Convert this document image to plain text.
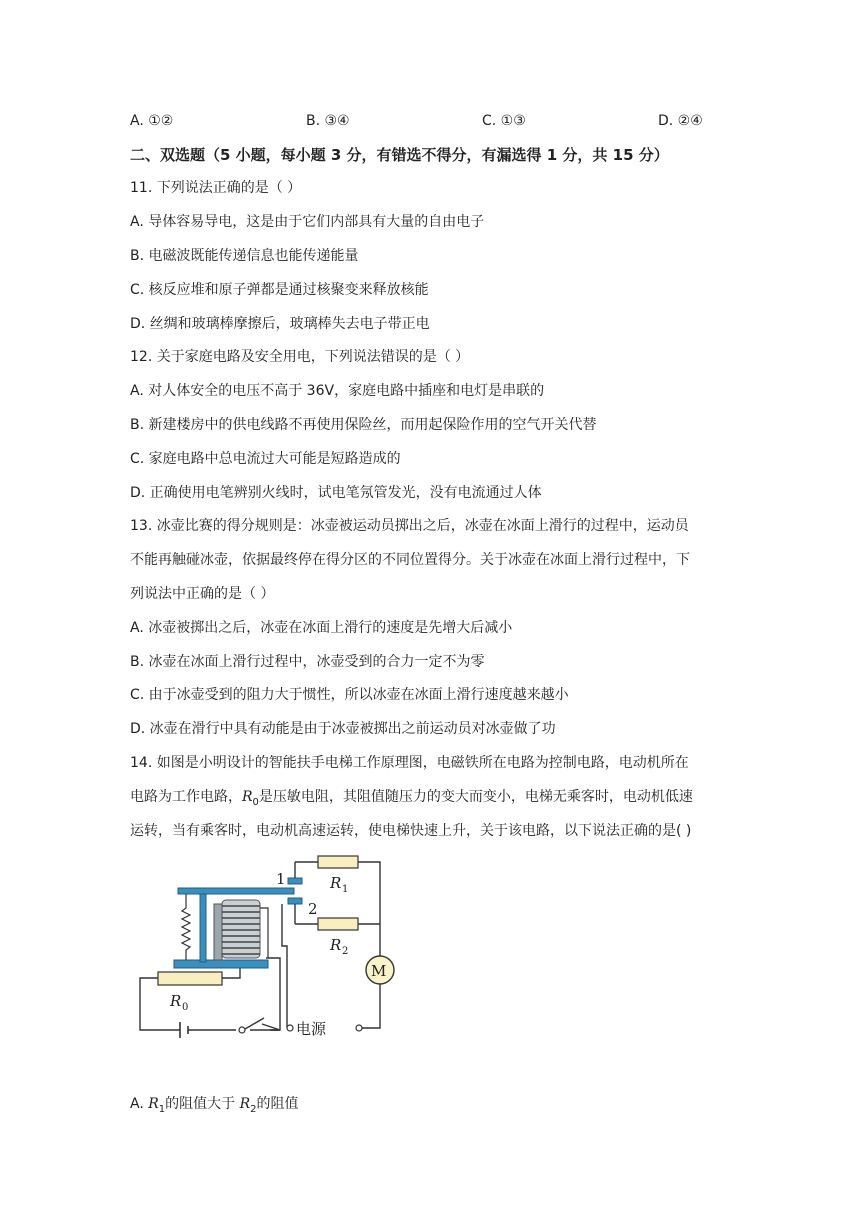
A. ①②	B. ③④	C. ①③	D. ②④
二、双选题（5 小题，每小题 3 分，有错选不得分，有漏选得 1 分，共 15 分）
11. 下列说法正确的是（ ）
A. 导体容易导电，这是由于它们内部具有大量的自由电子
B. 电磁波既能传递信息也能传递能量
C. 核反应堆和原子弹都是通过核聚变来释放核能
D. 丝绸和玻璃棒摩擦后，玻璃棒失去电子带正电
12. 关于家庭电路及安全用电，下列说法错误的是（ ）
A. 对人体安全的电压不高于 36V，家庭电路中插座和电灯是串联的
B. 新建楼房中的供电线路不再使用保险丝，而用起保险作用的空气开关代替
C. 家庭电路中总电流过大可能是短路造成的
D. 正确使用电笔辨别火线时，试电笔氖管发光，没有电流通过人体
13. 冰壶比赛的得分规则是：冰壶被运动员掷出之后，冰壶在冰面上滑行的过程中，运动员
不能再触碰冰壶，依据最终停在得分区的不同位置得分。关于冰壶在冰面上滑行过程中，下
列说法中正确的是（ ）
A. 冰壶被掷出之后，冰壶在冰面上滑行的速度是先增大后减小
B. 冰壶在冰面上滑行过程中，冰壶受到的合力一定不为零
C. 由于冰壶受到的阻力大于惯性，所以冰壶在冰面上滑行速度越来越小
D. 冰壶在滑行中具有动能是由于冰壶被掷出之前运动员对冰壶做了功
14. 如图是小明设计的智能扶手电梯工作原理图，电磁铁所在电路为控制电路，电动机所在
电路为工作电路，$R_0$是压敏电阻，其阻值随压力的变大而变小，电梯无乘客时，电动机低速
运转，当有乘客时，电动机高速运转，使电梯快速上升，关于该电路，以下说法正确的是( )
R 0
1
2
R 1
R 2
M
电源
A. $R_1$的阻值大于 $R_2$的阻值
